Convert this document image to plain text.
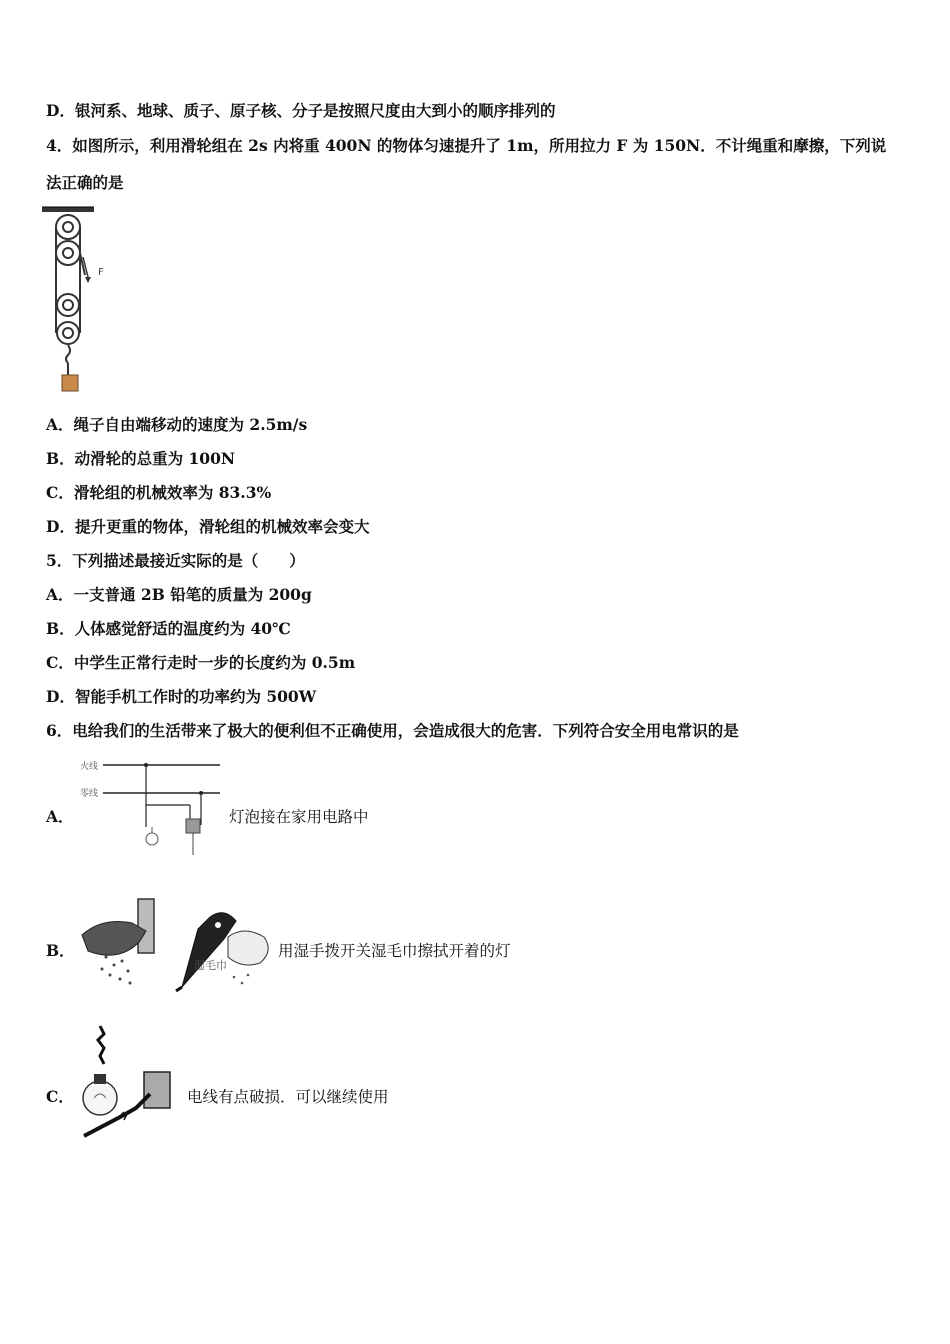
D．银河系、地球、质子、原子核、分子是按照尺度由大到小的顺序排列的
4．如图所示，利用滑轮组在 2s 内将重 400N 的物体匀速提升了 1m，所用拉力 F 为 150N．不计绳重和摩擦，下列说
法正确的是
F
A．绳子自由端移动的速度为 2.5m/s
B．动滑轮的总重为 100N
C．滑轮组的机械效率为 83.3%
D．提升更重的物体，滑轮组的机械效率会变大
5．下列描述最接近实际的是（　　）
A．一支普通 2B 铅笔的质量为 200g
B．人体感觉舒适的温度约为 40℃
C．中学生正常行走时一步的长度约为 0.5m
D．智能手机工作时的功率约为 500W
6．电给我们的生活带来了极大的便利但不正确使用，会造成很大的危害．下列符合安全用电常识的是
A．
火线
零线
灯泡接在家用电路中
B．
湿毛巾
用湿手拨开关湿毛巾擦拭开着的灯
C．	电线有点破损．可以继续使用
